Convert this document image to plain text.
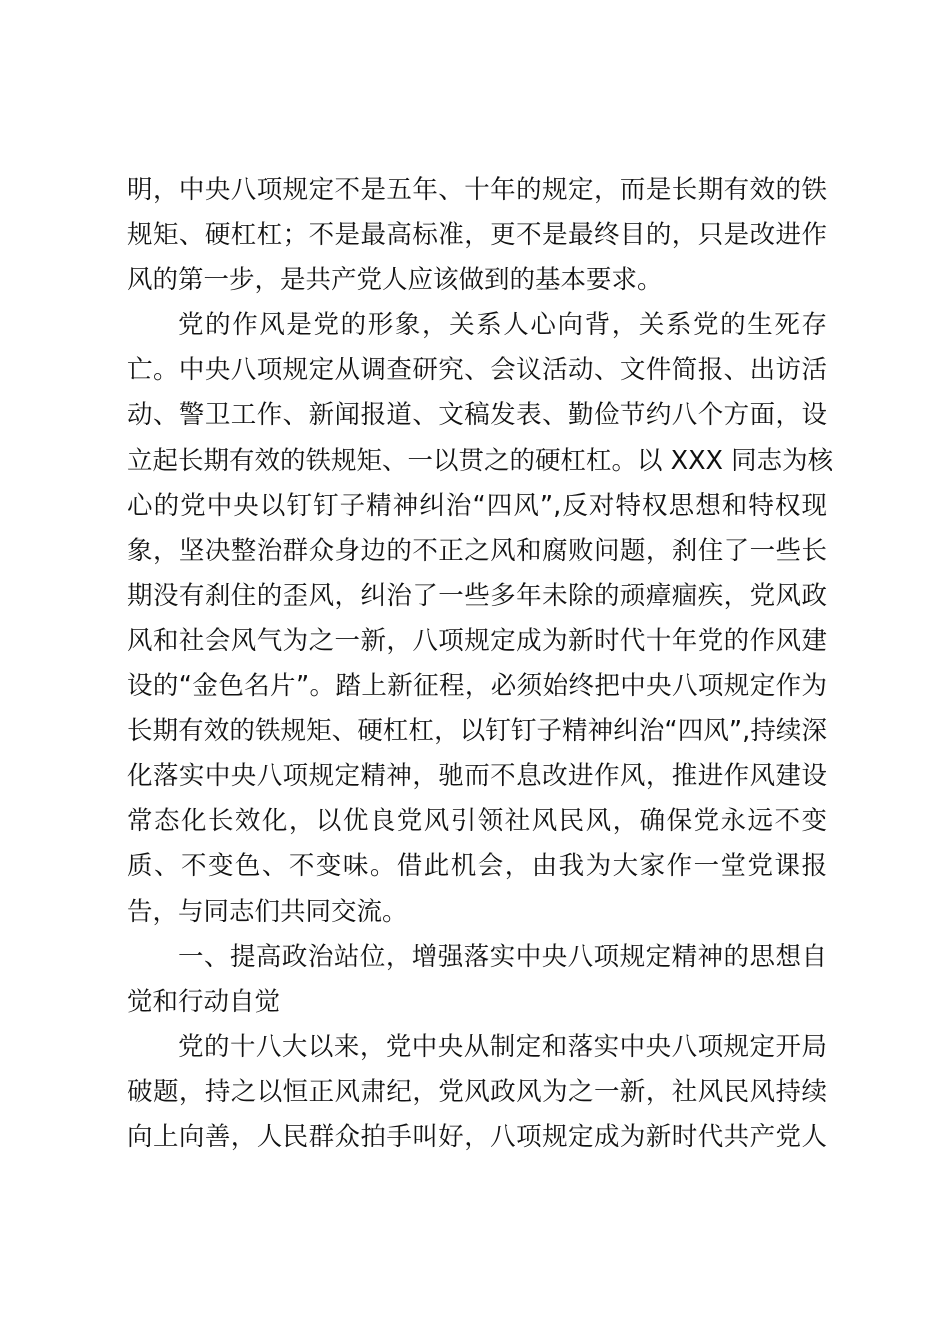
明，中央八项规定不是五年、十年的规定，而是长期有效的铁
规矩、硬杠杠；不是最高标准，更不是最终目的，只是改进作
风的第一步，是共产党人应该做到的基本要求。
党的作风是党的形象，关系人心向背，关系党的生死存
亡。中央八项规定从调查研究、会议活动、文件简报、出访活
动、警卫工作、新闻报道、文稿发表、勤俭节约八个方面，设
立起长期有效的铁规矩、一以贯之的硬杠杠。以 XXX 同志为核
心的党中央以钉钉子精神纠治“四风”,反对特权思想和特权现
象，坚决整治群众身边的不正之风和腐败问题，刹住了一些长
期没有刹住的歪风，纠治了一些多年未除的顽瘴痼疾，党风政
风和社会风气为之一新，八项规定成为新时代十年党的作风建
设的“金色名片”。踏上新征程，必须始终把中央八项规定作为
长期有效的铁规矩、硬杠杠，以钉钉子精神纠治“四风”,持续深
化落实中央八项规定精神，驰而不息改进作风，推进作风建设
常态化长效化，以优良党风引领社风民风，确保党永远不变
质、不变色、不变味。借此机会，由我为大家作一堂党课报
告，与同志们共同交流。
一、提高政治站位，增强落实中央八项规定精神的思想自
觉和行动自觉
党的十八大以来，党中央从制定和落实中央八项规定开局
破题，持之以恒正风肃纪，党风政风为之一新，社风民风持续
向上向善，人民群众拍手叫好，八项规定成为新时代共产党人
